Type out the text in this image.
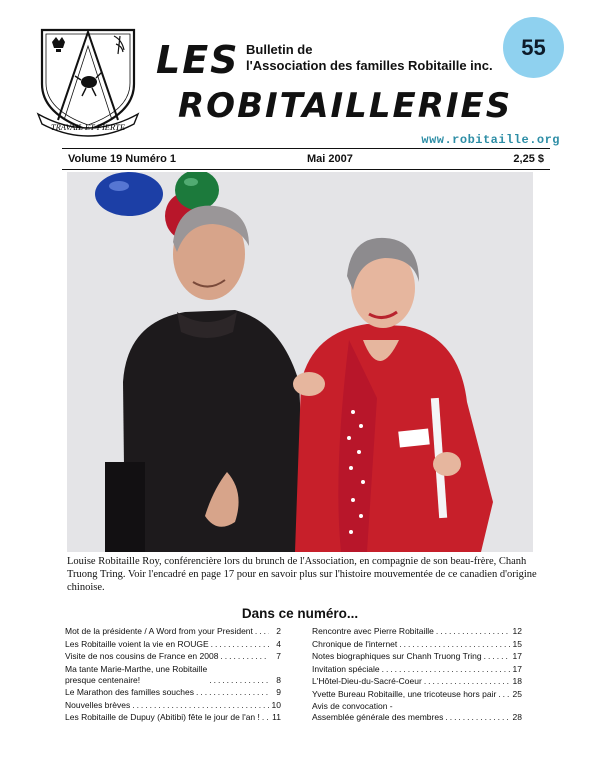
TRAVAIL ET FIERTE
Bulletin de
l'Association des familles Robitaille inc.
LES
ROBITAILLERIES
55
www.robitaille.org
Volume 19 Numéro 1	Mai 2007	2,25 $
Louise Robitaille Roy, conférencière lors du brunch de l'Association, en compagnie de son beau-frère, Chanh Truong Tring. Voir l'encadré en page 17 pour en savoir plus sur l'histoire mouvementée de ce canadien d'origine chinoise.
Dans ce numéro...
Mot de la présidente / A Word from your President .....	2
Les Robitaille voient la vie en ROUGE .....	4
Visite de nos cousins de France en 2008 .....	7
Ma tante Marie-Marthe, une Robitaille
presque centenaire! .....	8
Le Marathon des familles souches .....	9
Nouvelles brèves .....	10
Les Robitaille de Dupuy (Abitibi) fête le jour de l'an ! ..... 11
Rencontre avec Pierre Robitaille .....	12
Chronique de l'internet .....	15
Notes biographiques sur Chanh Truong Tring .....	17
Invitation spéciale .....	17
L'Hôtel-Dieu-du-Sacré-Coeur .....	18
Yvette Bureau Robitaille, une tricoteuse hors pair ..... 25
Avis de convocation -
Assemblée générale des membres .....	28
